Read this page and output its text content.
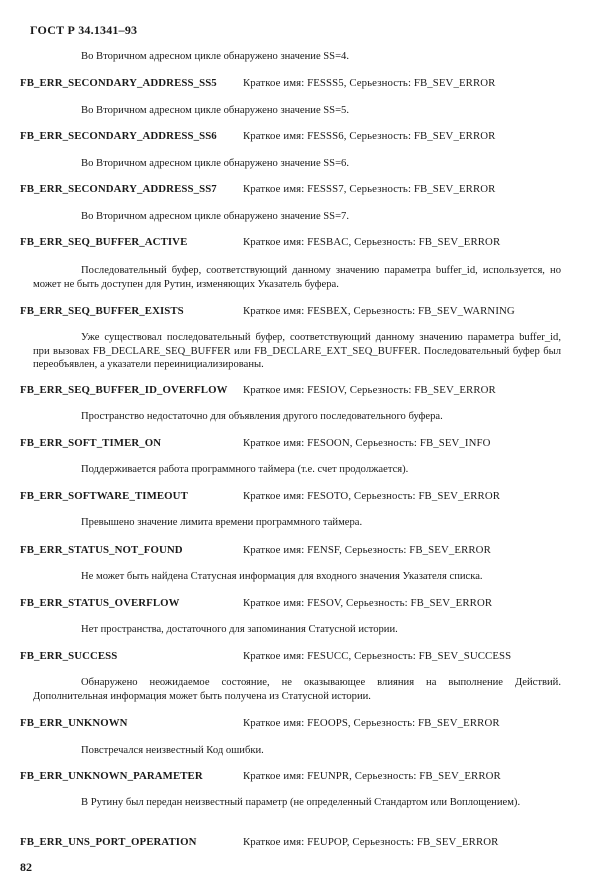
ГОСТ Р 34.1341–93
Во Вторичном адресном цикле обнаружено значение SS=4.
FB_ERR_SECONDARY_ADDRESS_SS5 Краткое имя: FESSS5, Серьезность: FB_SEV_ERROR
Во Вторичном адресном цикле обнаружено значение SS=5.
FB_ERR_SECONDARY_ADDRESS_SS6 Краткое имя: FESSS6, Серьезность: FB_SEV_ERROR
Во Вторичном адресном цикле обнаружено значение SS=6.
FB_ERR_SECONDARY_ADDRESS_SS7 Краткое имя: FESSS7, Серьезность: FB_SEV_ERROR
Во Вторичном адресном цикле обнаружено значение SS=7.
FB_ERR_SEQ_BUFFER_ACTIVE	Краткое имя: FESBAC, Серьезность: FB_SEV_ERROR
Последовательный буфер, соответствующий данному значению параметра buffer_id, используется, но может не быть доступен для Рутин, изменяющих Указатель буфера.
FB_ERR_SEQ_BUFFER_EXISTS	Краткое имя: FESBEX, Серьезность: FB_SEV_WARNING
Уже существовал последовательный буфер, соответствующий данному значению параметра buffer_id, при вызовах FB_DECLARE_SEQ_BUFFER или FB_DECLARE_EXT_SEQ_BUFFER. Последовательный буфер был переобъявлен, а указатели переинициализированы.
FB_ERR_SEQ_BUFFER_ID_OVERFLOW Краткое имя: FESIOV, Серьезность: FB_SEV_ERROR
Пространство недостаточно для объявления другого последовательного буфера.
FB_ERR_SOFT_TIMER_ON	Краткое имя: FESOON, Серьезность: FB_SEV_INFO
Поддерживается работа программного таймера (т.е. счет продолжается).
FB_ERR_SOFTWARE_TIMEOUT	Краткое имя: FESOTO, Серьезность: FB_SEV_ERROR
Превышено значение лимита времени программного таймера.
FB_ERR_STATUS_NOT_FOUND	Краткое имя: FENSF, Серьезность: FB_SEV_ERROR
Не может быть найдена Статусная информация для входного значения Указателя списка.
FB_ERR_STATUS_OVERFLOW	Краткое имя: FESOV, Серьезность: FB_SEV_ERROR
Нет пространства, достаточного для запоминания Статусной истории.
FB_ERR_SUCCESS	Краткое имя: FESUCC, Серьезность: FB_SEV_SUCCESS
Обнаружено неожидаемое состояние, не оказывающее влияния на выполнение Действий. Дополнительная информация может быть получена из Статусной истории.
FB_ERR_UNKNOWN	Краткое имя: FEOOPS, Серьезность: FB_SEV_ERROR
Повстречался неизвестный Код ошибки.
FB_ERR_UNKNOWN_PARAMETER	Краткое имя: FEUNPR, Серьезность: FB_SEV_ERROR
В Рутину был передан неизвестный параметр (не определенный Стандартом или Воплощением).
FB_ERR_UNS_PORT_OPERATION	Краткое имя: FEUPOP, Серьезность: FB_SEV_ERROR
82
